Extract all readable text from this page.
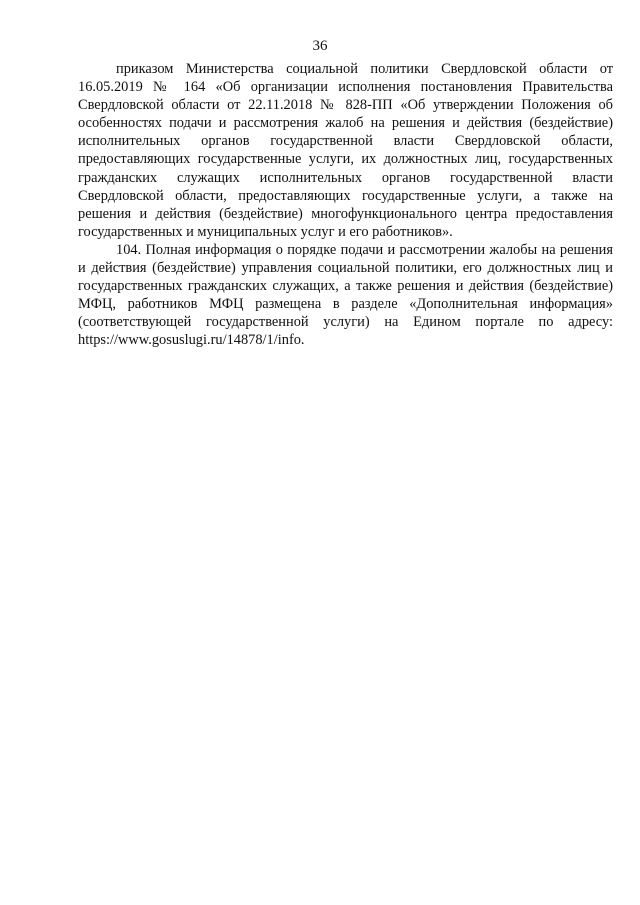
36

приказом Министерства социальной политики Свердловской области от 16.05.2019 № 164 «Об организации исполнения постановления Правительства Свердловской области от 22.11.2018 № 828-ПП «Об утверждении Положения об особенностях подачи и рассмотрения жалоб на решения и действия (бездействие) исполнительных органов государственной власти Свердловской области, предоставляющих государственные услуги, их должностных лиц, государственных гражданских служащих исполнительных органов государственной власти Свердловской области, предоставляющих государственные услуги, а также на решения и действия (бездействие) многофункционального центра предоставления государственных и муниципальных услуг и его работников».

104. Полная информация о порядке подачи и рассмотрении жалобы на решения и действия (бездействие) управления социальной политики, его должностных лиц и государственных гражданских служащих, а также решения и действия (бездействие) МФЦ, работников МФЦ размещена в разделе «Дополнительная информация» (соответствующей государственной услуги) на Едином портале по адресу: https://www.gosuslugi.ru/14878/1/info.
